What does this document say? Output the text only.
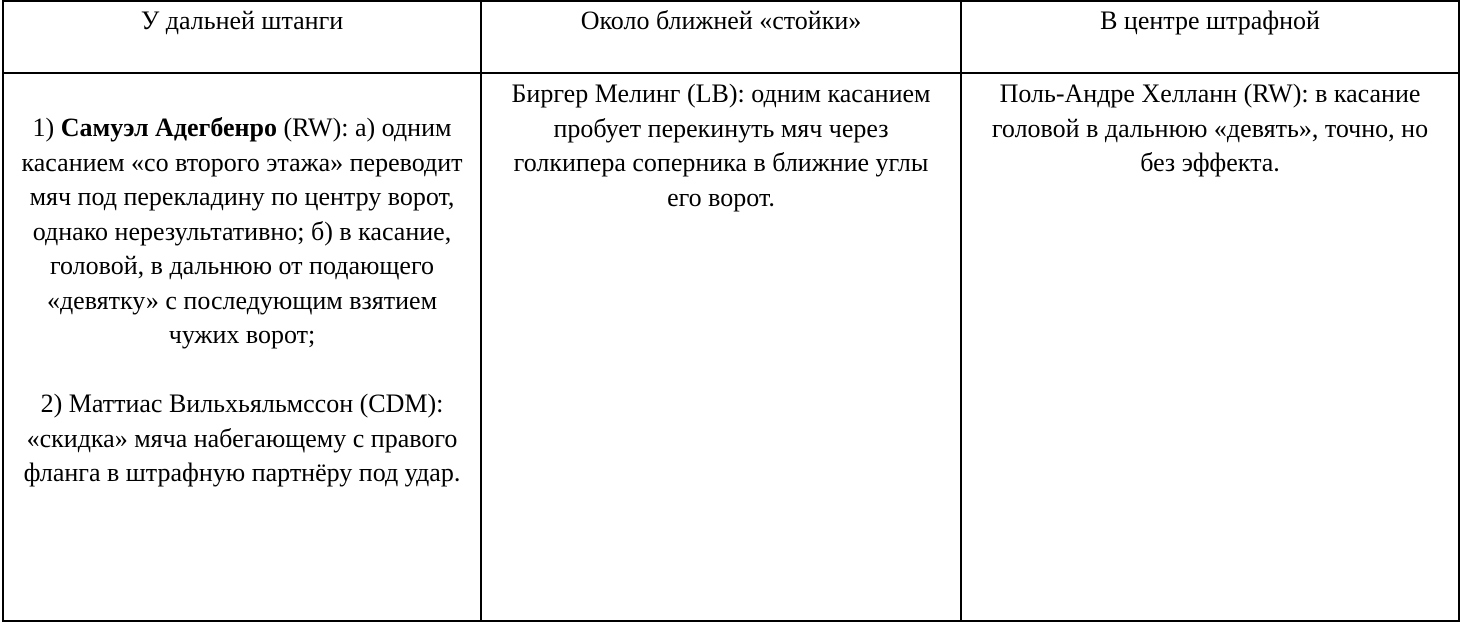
У дальней штанги	Около ближней «стойки»	В центре штрафной

1) Самуэл Адегбенро (RW): а) одним касанием «со второго этажа» переводит мяч под перекладину по центру ворот, однако нерезультативно; б) в касание, головой, в дальнюю от подающего «девятку» с последующим взятием чужих ворот;

2) Маттиас Вильхьяльмссон (CDM): «скидка» мяча набегающему с правого фланга в штрафную партнёру под удар.	Биргер Мелинг (LB): одним касанием пробует перекинуть мяч через голкипера соперника в ближние углы его ворот.	Поль-Андре Хелланн (RW): в касание головой в дальнюю «девять», точно, но без эффекта.
